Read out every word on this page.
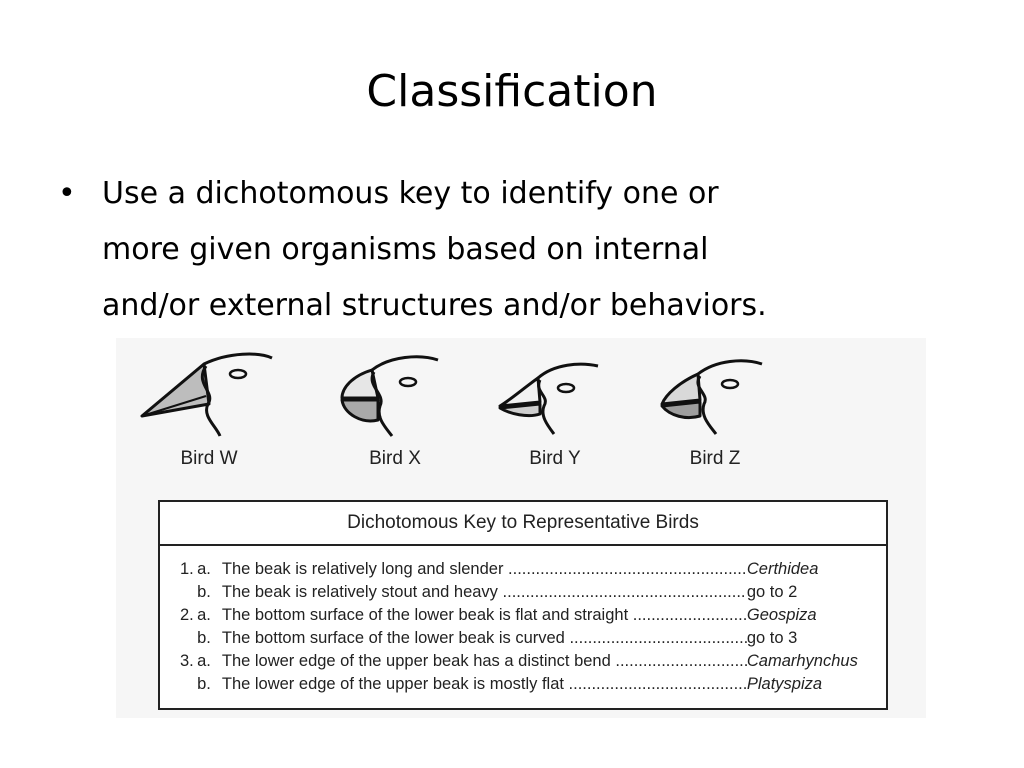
Classification
• Use a dichotomous key to identify one or
more given organisms based on internal
and/or external structures and/or behaviors.
Bird W	Bird X	Bird Y	Bird Z
Dichotomous Key to Representative Birds
1. a. The beak is relatively long and slender .....	Certhidea
b. The beak is relatively stout and heavy .....	go to 2
2. a. The bottom surface of the lower beak is flat and straight .....	Geospiza
b. The bottom surface of the lower beak is curved .....	go to 3
3. a. The lower edge of the upper beak has a distinct bend .....	Camarhynchus
b. The lower edge of the upper beak is mostly flat .....	Platyspiza
